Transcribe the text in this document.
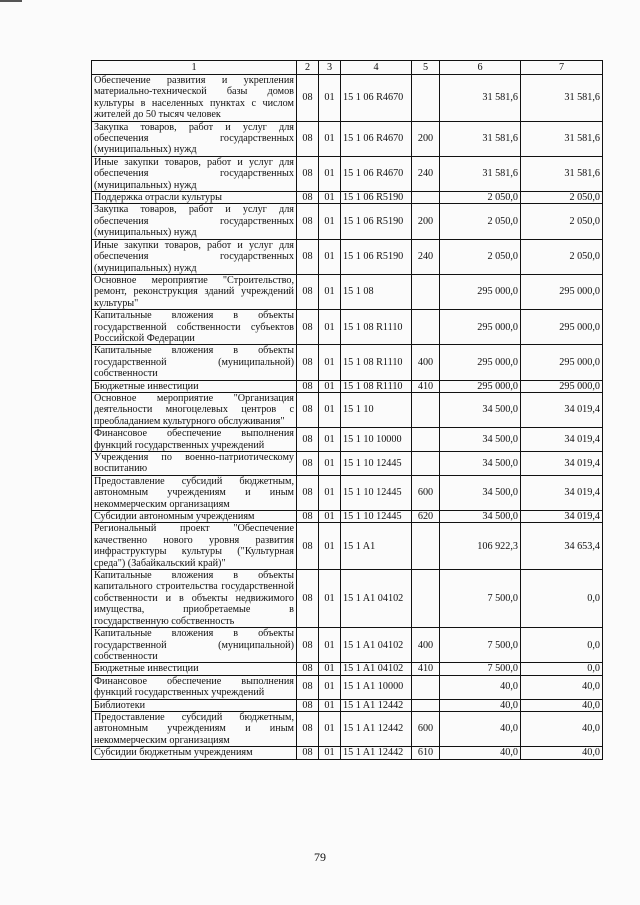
1	2	3	4	5	6	7
Обеспечение развития и укрепления материально-технической базы домов культуры в населенных пунктах с числом жителей до 50 тысяч человек	08	01	15 1 06 R4670		31 581,6	31 581,6
Закупка товаров, работ и услуг для обеспечения государственных (муниципальных) нужд	08	01	15 1 06 R4670	200	31 581,6	31 581,6
Иные закупки товаров, работ и услуг для обеспечения государственных (муниципальных) нужд	08	01	15 1 06 R4670	240	31 581,6	31 581,6
Поддержка отрасли культуры	08	01	15 1 06 R5190		2 050,0	2 050,0
Закупка товаров, работ и услуг для обеспечения государственных (муниципальных) нужд	08	01	15 1 06 R5190	200	2 050,0	2 050,0
Иные закупки товаров, работ и услуг для обеспечения государственных (муниципальных) нужд	08	01	15 1 06 R5190	240	2 050,0	2 050,0
Основное мероприятие "Строительство, ремонт, реконструкция зданий учреждений культуры"	08	01	15 1 08		295 000,0	295 000,0
Капитальные вложения в объекты государственной собственности субъектов Российской Федерации	08	01	15 1 08 R1110		295 000,0	295 000,0
Капитальные вложения в объекты государственной (муниципальной) собственности	08	01	15 1 08 R1110	400	295 000,0	295 000,0
Бюджетные инвестиции	08	01	15 1 08 R1110	410	295 000,0	295 000,0
Основное мероприятие "Организация деятельности многоцелевых центров с преобладанием культурного обслуживания"	08	01	15 1 10		34 500,0	34 019,4
Финансовое обеспечение выполнения функций государственных учреждений	08	01	15 1 10 10000		34 500,0	34 019,4
Учреждения по военно-патриотическому воспитанию	08	01	15 1 10 12445		34 500,0	34 019,4
Предоставление субсидий бюджетным, автономным учреждениям и иным некоммерческим организациям	08	01	15 1 10 12445	600	34 500,0	34 019,4
Субсидии автономным учреждениям	08	01	15 1 10 12445	620	34 500,0	34 019,4
Региональный проект "Обеспечение качественно нового уровня развития инфраструктуры культуры ("Культурная среда") (Забайкальский край)"	08	01	15 1 A1		106 922,3	34 653,4
Капитальные вложения в объекты капитального строительства государственной собственности и в объекты недвижимого имущества, приобретаемые в государственную собственность	08	01	15 1 A1 04102		7 500,0	0,0
Капитальные вложения в объекты государственной (муниципальной) собственности	08	01	15 1 A1 04102	400	7 500,0	0,0
Бюджетные инвестиции	08	01	15 1 A1 04102	410	7 500,0	0,0
Финансовое обеспечение выполнения функций государственных учреждений	08	01	15 1 A1 10000		40,0	40,0
Библиотеки	08	01	15 1 A1 12442		40,0	40,0
Предоставление субсидий бюджетным, автономным учреждениям и иным некоммерческим организациям	08	01	15 1 A1 12442	600	40,0	40,0
Субсидии бюджетным учреждениям	08	01	15 1 A1 12442	610	40,0	40,0
79
